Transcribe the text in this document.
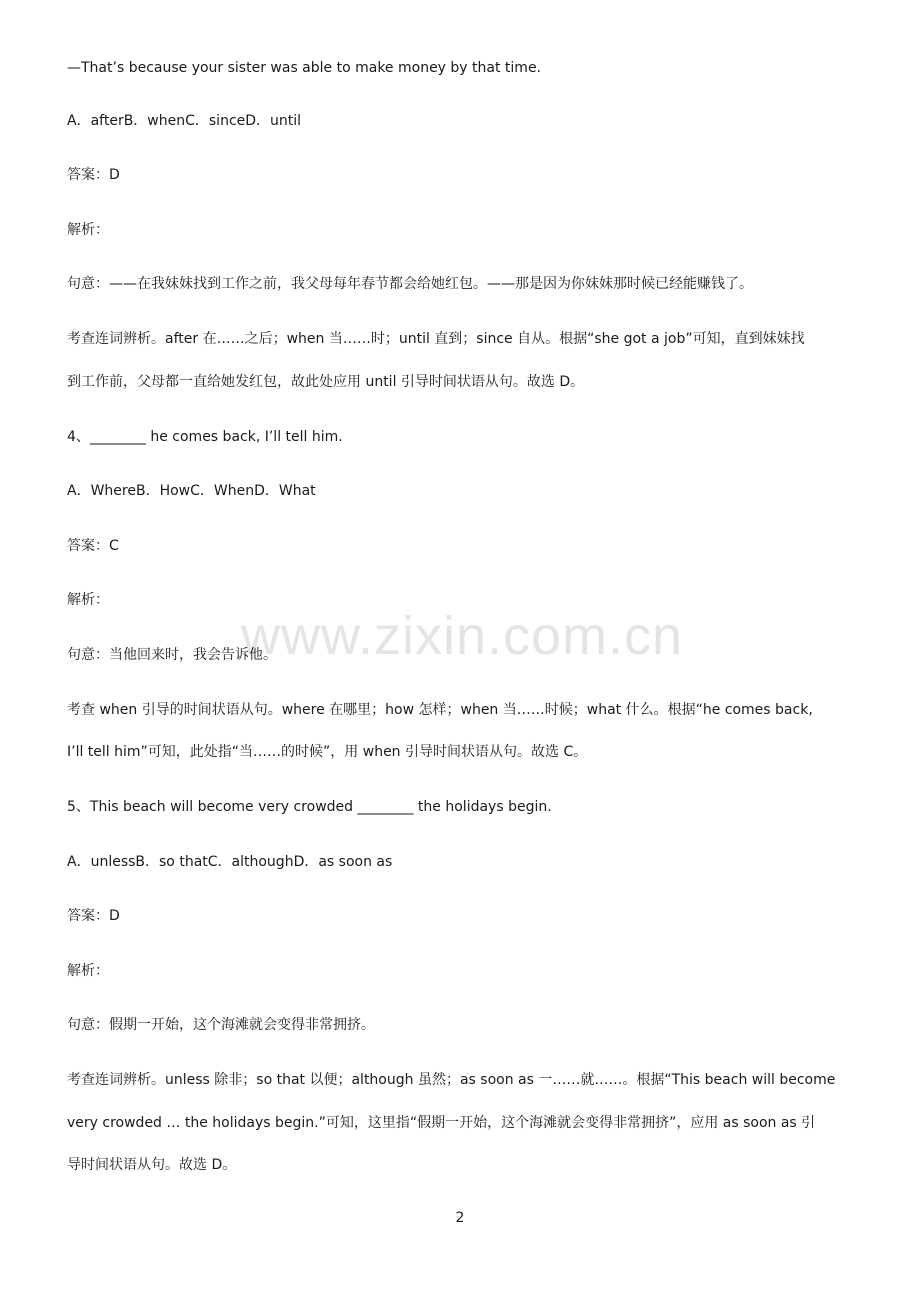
www.zixin.com.cn
—That’s because your sister was able to make money by that time.
A．afterB．whenC．sinceD．until
答案：D
解析：
句意：——在我妹妹找到工作之前，我父母每年春节都会给她红包。——那是因为你妹妹那时候已经能赚钱了。
考查连词辨析。after 在……之后；when 当……时；until 直到；since 自从。根据“she got a job”可知，直到妹妹找
到工作前，父母都一直给她发红包，故此处应用 until 引导时间状语从句。故选 D。
4、________ he comes back, I’ll tell him.
A．WhereB．HowC．WhenD．What
答案：C
解析：
句意：当他回来时，我会告诉他。
考查 when 引导的时间状语从句。where 在哪里；how 怎样；when 当……时候；what 什么。根据“he comes back,
I’ll tell him”可知，此处指“当……的时候”，用 when 引导时间状语从句。故选 C。
5、This beach will become very crowded ________ the holidays begin.
A．unlessB．so thatC．althoughD．as soon as
答案：D
解析：
句意：假期一开始，这个海滩就会变得非常拥挤。
考查连词辨析。unless 除非；so that 以便；although 虽然；as soon as 一……就……。根据“This beach will become
very crowded … the holidays begin.”可知，这里指“假期一开始，这个海滩就会变得非常拥挤”，应用 as soon as 引
导时间状语从句。故选 D。
2
